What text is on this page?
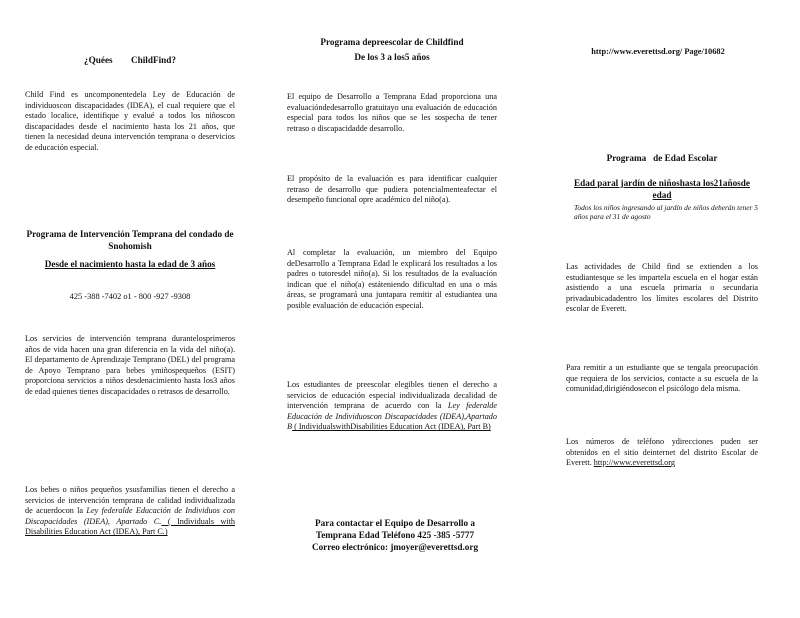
¿Quées        ChildFind?

Child Find es uncomponentedela Ley de Educación de individuoscon discapacidades (IDEA), el cual requiere que el estado localice, identifique y evalué a todos los niñoscon discapacidades desde el nacimiento hasta los 21 años, que tienen la necesidad deuna intervención temprana o deservicios de educación especial.

Programa de Intervención Temprana del condado de Snohomish

Desde el nacimiento hasta la edad de 3 años

425 -388 -7402 o1 - 800 -927 -9308

Los servicios de intervención temprana durantelosprimeros años de vida hacen una gran diferencia en la vida del niño(a). El departamento de Aprendizaje Temprano (DEL) del programa de Apoyo Temprano para bebes ymiñospequeños (ESIT) proporciona servicios a niños desdenacimiento hasta los3 años de edad quienes tienes discapacidades o retrasos de desarrollo.

Los bebes o niños pequeños ysusfamilias tienen el derecho a servicios de intervención temprana de calidad individualizada de acuerdocon la Ley federalde Educación de Individuos con Discapacidades (IDEA), Apartado C. ( Individuals with Disabilities Education Act (IDEA), Part C.)

Programa depreescolar de Childfind

De los 3 a los5 años

El equipo de Desarrollo a Temprana Edad proporciona una evaluacióndedesarrollo gratuitayo una evaluación de educación especial para todos los niños que se les sospecha de tener retraso o discapacidadde desarrollo.

El propósito de la evaluación es para identificar cualquier retraso de desarrollo que pudiera potencialmenteafectar el desempeño funcional opre académico del niño(a).

Al completar la evaluación, un miembro del Equipo deDesarrollo a Temprana Edad le explicará los resultados a los padres o tutoresdel niño(a). Si los resultados de la evaluación indican que el niño(a) estáteniendo dificultad en una o más áreas, se programará una juntapara remitir al estudiantea una posible evaluación de educación especial.

Los estudiantes de preescolar elegibles tienen el derecho a servicios de educación especial individualizada decalidad de intervención temprana de acuerdo con la Ley federalde Educación de Individuoscon Discapacidades (IDEA),Apartado B ( IndividualswithDisabilities Education Act (IDEA), Part B)

Para contactar el Equipo de Desarrollo a Temprana Edad Teléfono 425 -385 -5777 Correo electrónico: jmoyer@everettsd.org

http://www.everettsd.org/ Page/10682

Programa   de Edad Escolar

Edad paral jardín de niñoshasta los21añosde edad

Todos los niños ingresando al jardín de niños deberán tener 5 años para el 31 de agosto

Las actividades de Child find se extienden a los estudiantesque se les imparteIa escuela en el hogar están asistiendo a una escuela primaria o secundaria privadaubicadadentro los límites escolares del Distrito escolar de Everett.

Para remitir a un estudiante que se tengala preocupación que requiera de los servicios, contacte a su escuela de la comunidad,dirigiéndosecon el psicólogo dela misma.

Los números de teléfono ydirecciones puden ser obtenidos en el sitio deinternet del distrito Escolar de Everett. http://www.everettsd.org
